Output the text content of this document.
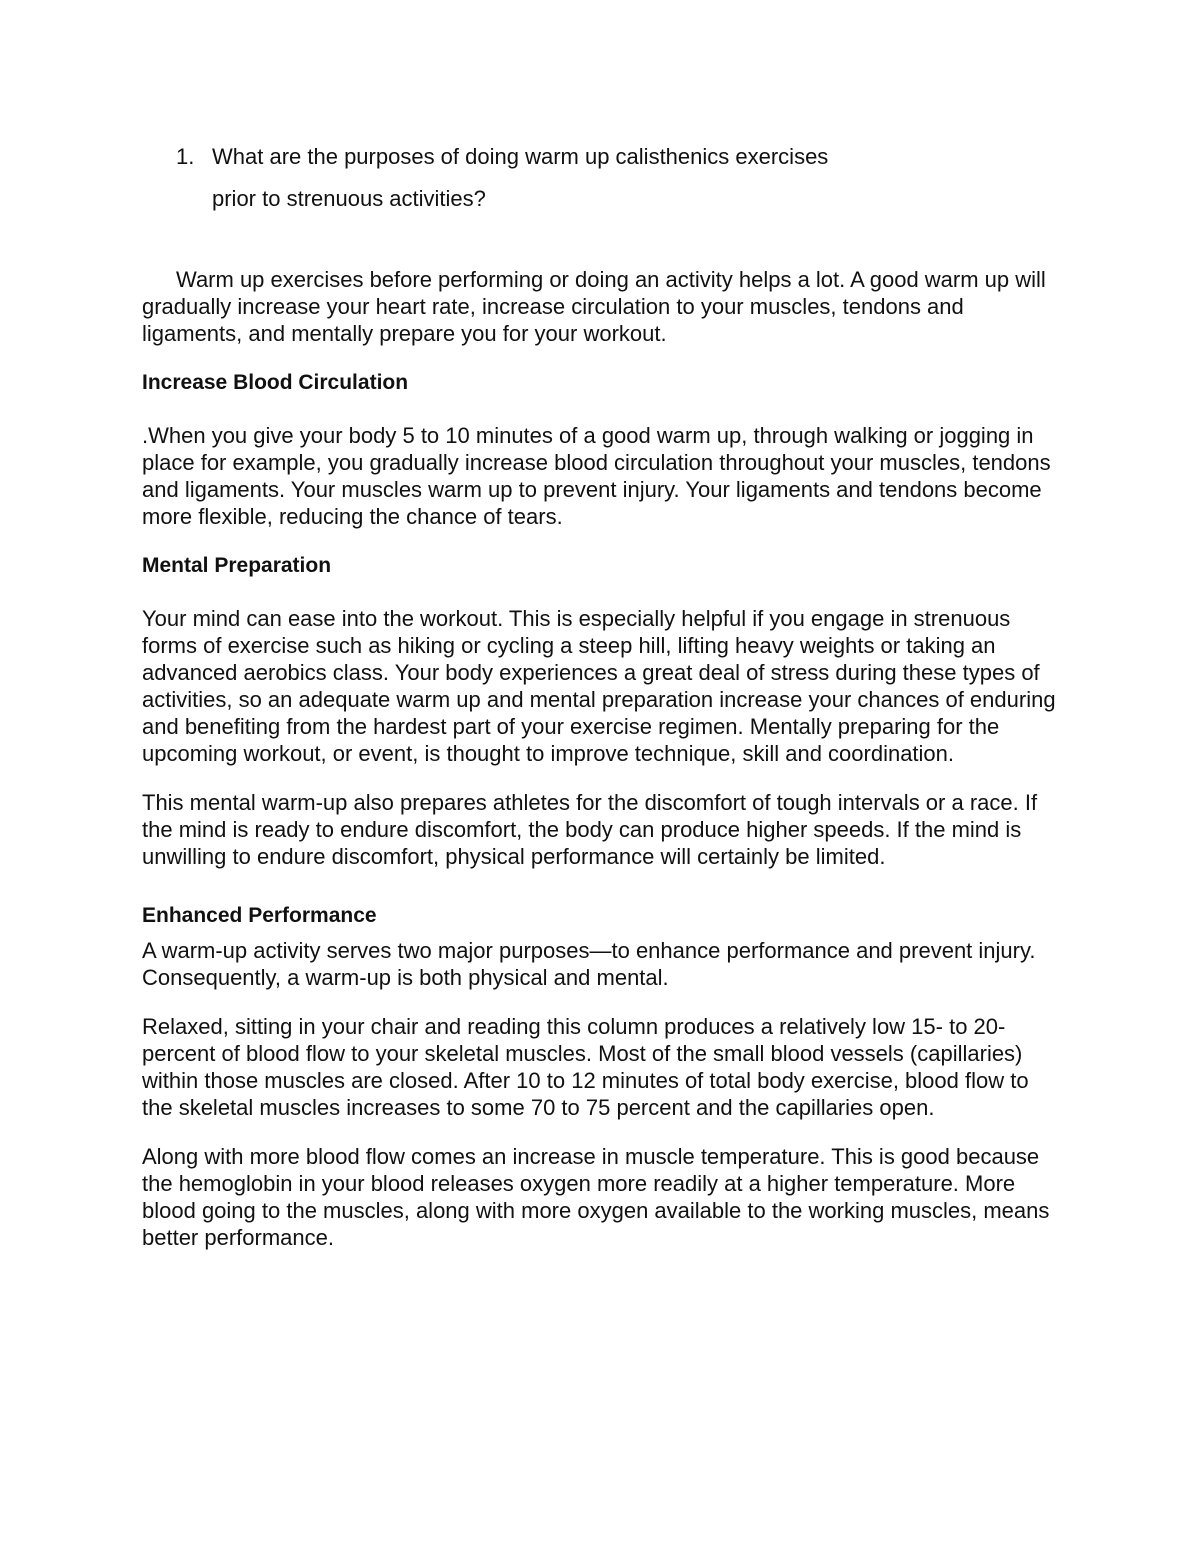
1. What are the purposes of doing warm up calisthenics exercises
prior to strenuous activities?

Warm up exercises before performing or doing an activity helps a lot. A good warm up will gradually increase your heart rate, increase circulation to your muscles, tendons and ligaments, and mentally prepare you for your workout.

Increase Blood Circulation

.When you give your body 5 to 10 minutes of a good warm up, through walking or jogging in place for example, you gradually increase blood circulation throughout your muscles, tendons and ligaments. Your muscles warm up to prevent injury. Your ligaments and tendons become more flexible, reducing the chance of tears.

Mental Preparation

Your mind can ease into the workout. This is especially helpful if you engage in strenuous forms of exercise such as hiking or cycling a steep hill, lifting heavy weights or taking an advanced aerobics class. Your body experiences a great deal of stress during these types of activities, so an adequate warm up and mental preparation increase your chances of enduring and benefiting from the hardest part of your exercise regimen. Mentally preparing for the upcoming workout, or event, is thought to improve technique, skill and coordination.

This mental warm-up also prepares athletes for the discomfort of tough intervals or a race. If the mind is ready to endure discomfort, the body can produce higher speeds. If the mind is unwilling to endure discomfort, physical performance will certainly be limited.

Enhanced Performance

A warm-up activity serves two major purposes—to enhance performance and prevent injury. Consequently, a warm-up is both physical and mental.

Relaxed, sitting in your chair and reading this column produces a relatively low 15- to 20-percent of blood flow to your skeletal muscles. Most of the small blood vessels (capillaries) within those muscles are closed. After 10 to 12 minutes of total body exercise, blood flow to the skeletal muscles increases to some 70 to 75 percent and the capillaries open.

Along with more blood flow comes an increase in muscle temperature. This is good because the hemoglobin in your blood releases oxygen more readily at a higher temperature. More blood going to the muscles, along with more oxygen available to the working muscles, means better performance.
